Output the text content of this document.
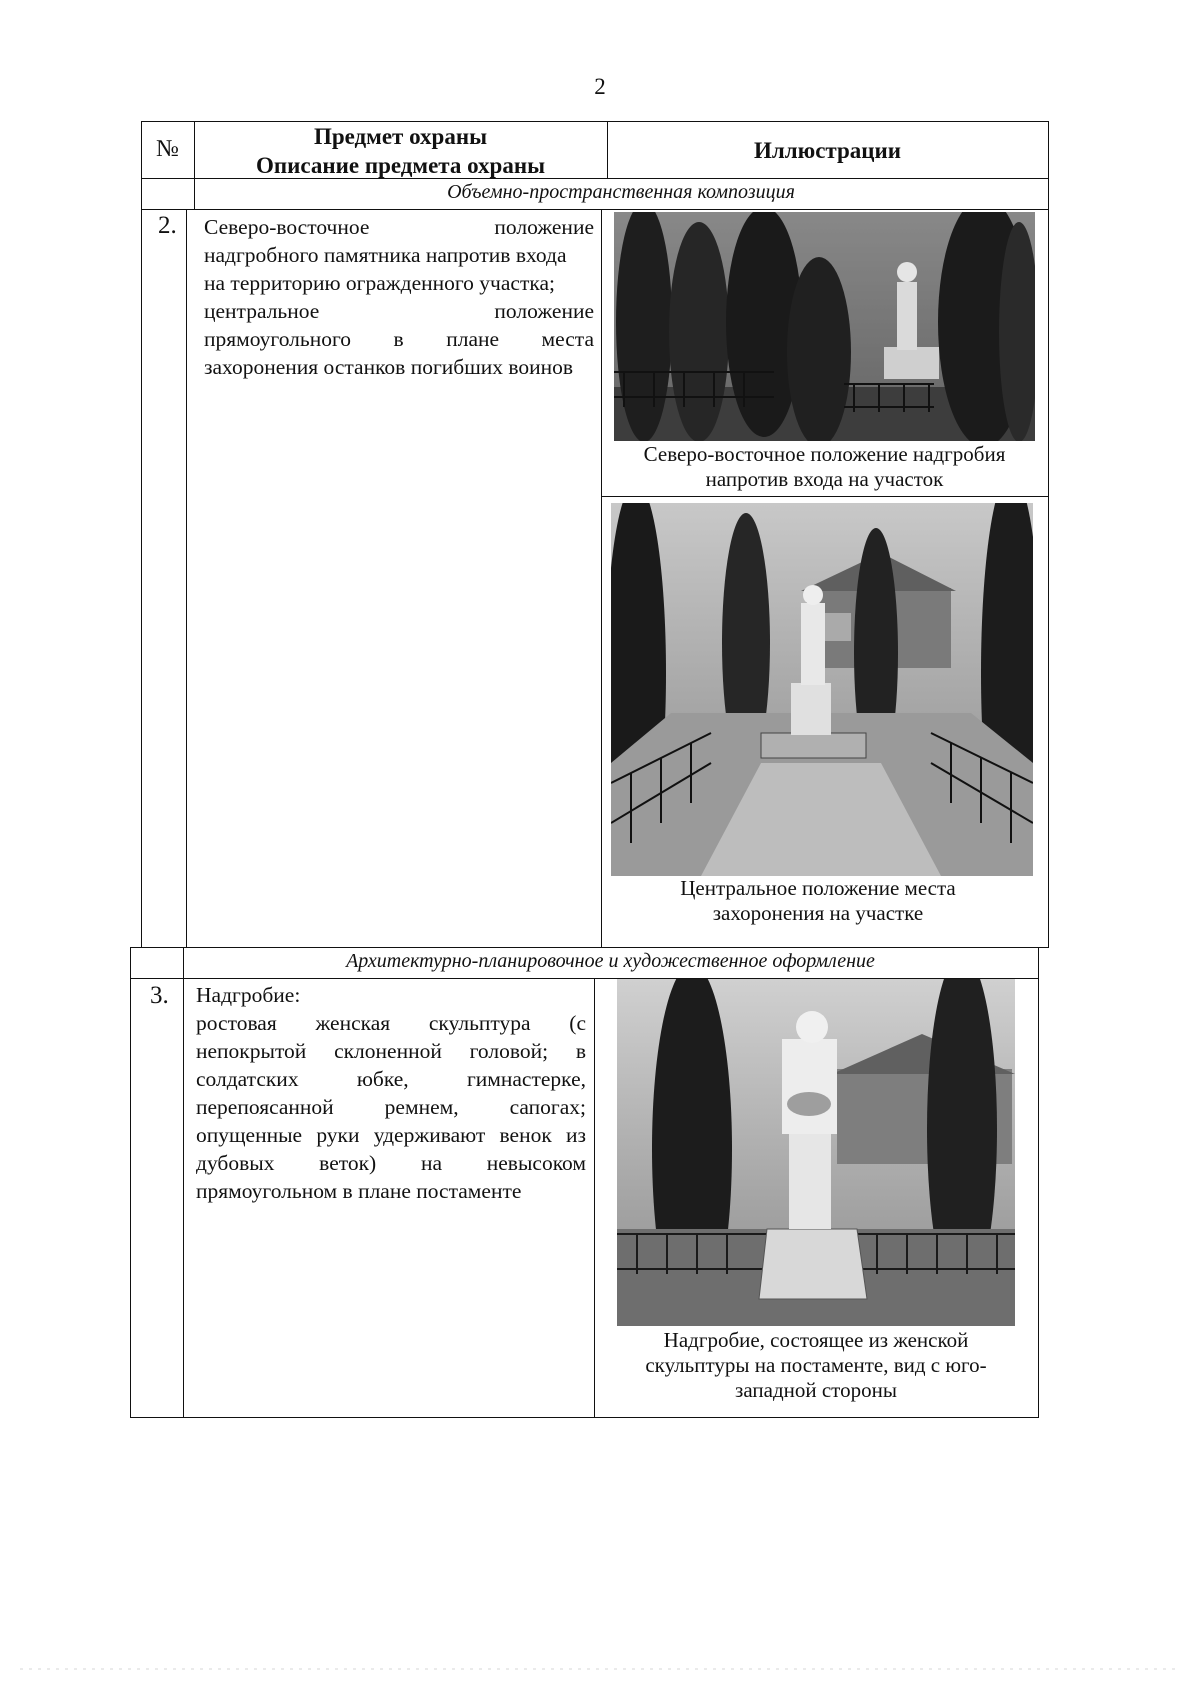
2
№	Предмет охраны
Описание предмета охраны
Иллюстрации
Объемно-пространственная композиция
2. Северо-восточное положение
надгробного памятника напротив входа
на территорию огражденного участка;
центральное положение
прямоугольного в плане места
захоронения останков погибших воинов
Северо-восточное положение надгробия
напротив входа на участок
Центральное положение места
захоронения на участке
Архитектурно-планировочное и художественное оформление
3. Надгробие:
ростовая женская скульптура (с
непокрытой склоненной головой; в
солдатских юбке, гимнастерке,
перепоясанной ремнем, сапогах;
опущенные руки удерживают венок из
дубовых веток) на невысоком
прямоугольном в плане постаменте
Надгробие, состоящее из женской
скульптуры на постаменте, вид с юго-
западной стороны
